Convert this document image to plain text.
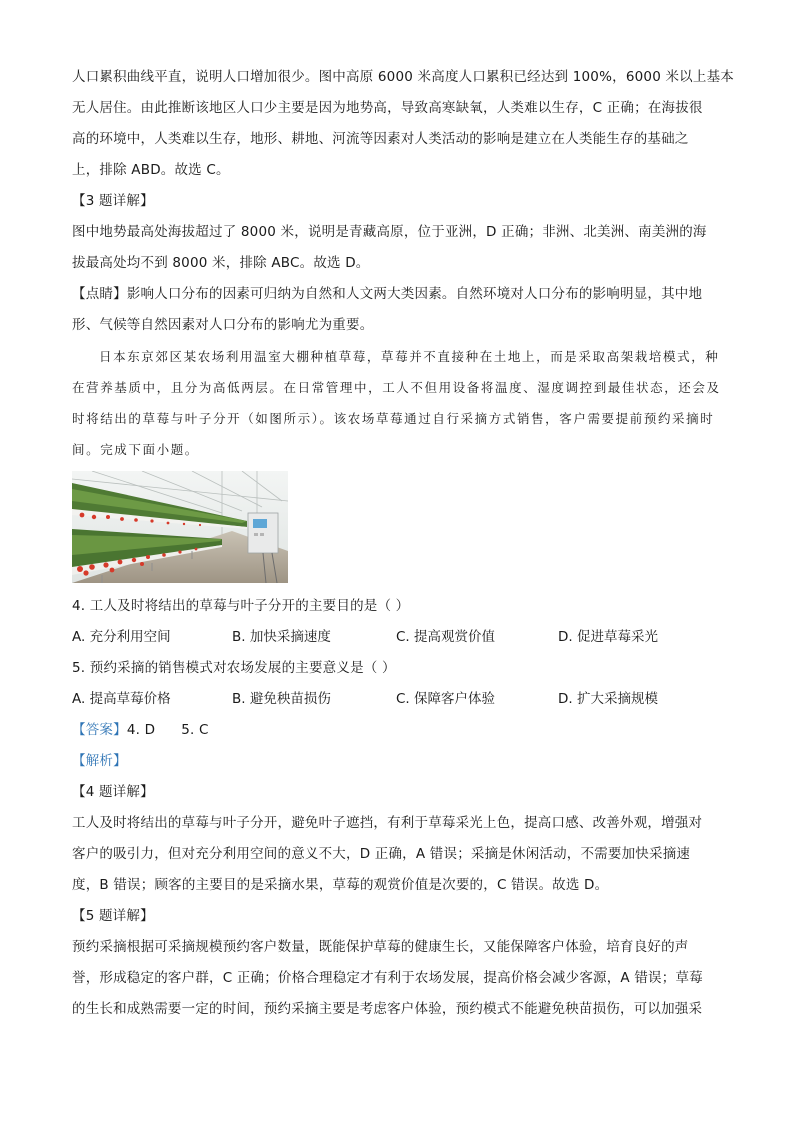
人口累积曲线平直，说明人口增加很少。图中高原 6000 米高度人口累积已经达到 100%，6000 米以上基本
无人居住。由此推断该地区人口少主要是因为地势高，导致高寒缺氧，人类难以生存，C 正确；在海拔很
高的环境中，人类难以生存，地形、耕地、河流等因素对人类活动的影响是建立在人类能生存的基础之
上，排除 ABD。故选 C。
【3 题详解】
图中地势最高处海拔超过了 8000 米，说明是青藏高原，位于亚洲，D 正确；非洲、北美洲、南美洲的海
拔最高处均不到 8000 米，排除 ABC。故选 D。
【点睛】影响人口分布的因素可归纳为自然和人文两大类因素。自然环境对人口分布的影响明显，其中地
形、气候等自然因素对人口分布的影响尤为重要。
日本东京郊区某农场利用温室大棚种植草莓，草莓并不直接种在土地上，而是采取高架栽培模式，种
在营养基质中，且分为高低两层。在日常管理中，工人不但用设备将温度、湿度调控到最佳状态，还会及
时将结出的草莓与叶子分开（如图所示）。该农场草莓通过自行采摘方式销售，客户需要提前预约采摘时
间。完成下面小题。
4. 工人及时将结出的草莓与叶子分开的主要目的是（ ）
A. 充分利用空间	B. 加快采摘速度	C. 提高观赏价值	D. 促进草莓采光
5. 预约采摘的销售模式对农场发展的主要意义是（ ）
A. 提高草莓价格	B. 避免秧苗损伤	C. 保障客户体验	D. 扩大采摘规模
【答案】4. D 5. C
【解析】
【4 题详解】
工人及时将结出的草莓与叶子分开，避免叶子遮挡，有利于草莓采光上色，提高口感、改善外观，增强对
客户的吸引力，但对充分利用空间的意义不大，D 正确，A 错误；采摘是休闲活动，不需要加快采摘速
度，B 错误；顾客的主要目的是采摘水果，草莓的观赏价值是次要的，C 错误。故选 D。
【5 题详解】
预约采摘根据可采摘规模预约客户数量，既能保护草莓的健康生长，又能保障客户体验，培育良好的声
誉，形成稳定的客户群，C 正确；价格合理稳定才有利于农场发展，提高价格会减少客源，A 错误；草莓
的生长和成熟需要一定的时间，预约采摘主要是考虑客户体验，预约模式不能避免秧苗损伤，可以加强采
